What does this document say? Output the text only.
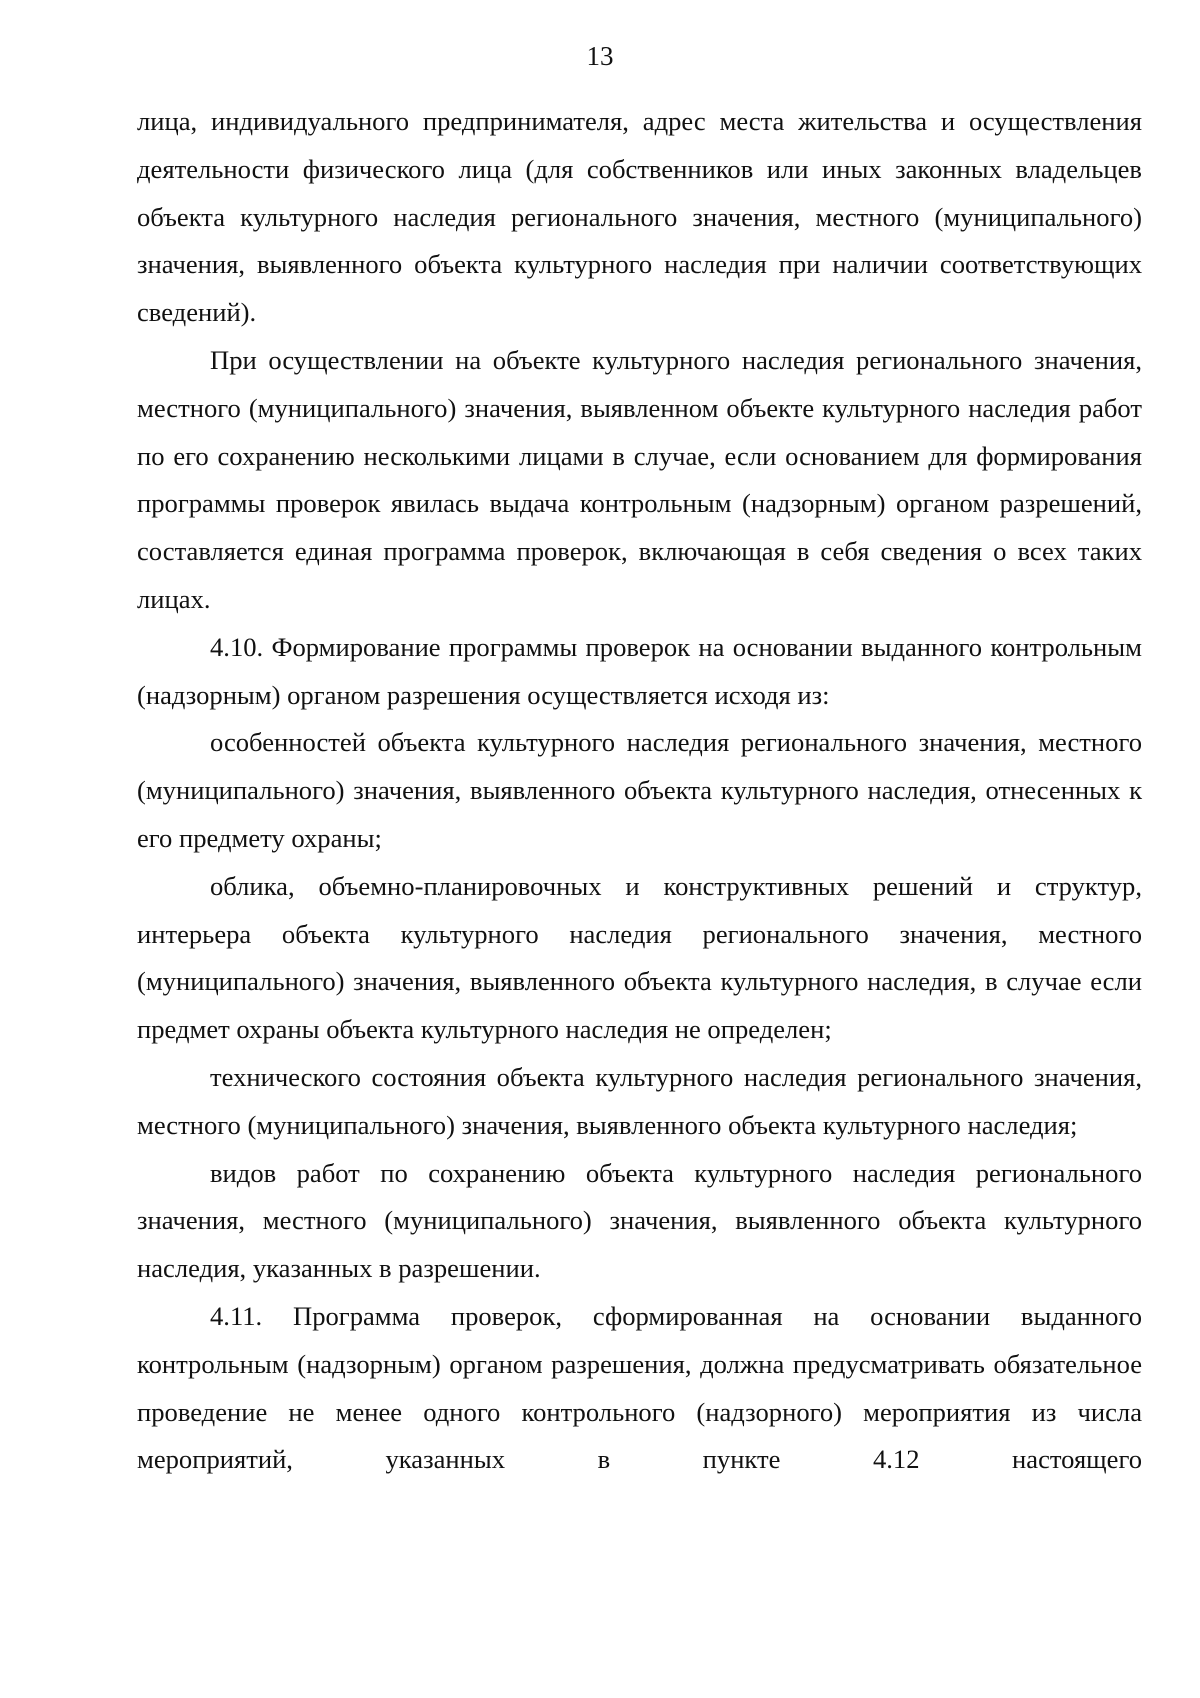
13

лица, индивидуального предпринимателя, адрес места жительства и осуществления деятельности физического лица (для собственников или иных законных владельцев объекта культурного наследия регионального значения, местного (муниципального) значения, выявленного объекта культурного наследия при наличии соответствующих сведений).

При осуществлении на объекте культурного наследия регионального значения, местного (муниципального) значения, выявленном объекте культурного наследия работ по его сохранению несколькими лицами в случае, если основанием для формирования программы проверок явилась выдача контрольным (надзорным) органом разрешений, составляется единая программа проверок, включающая в себя сведения о всех таких лицах.

4.10. Формирование программы проверок на основании выданного контрольным (надзорным) органом разрешения осуществляется исходя из:

особенностей объекта культурного наследия регионального значения, местного (муниципального) значения, выявленного объекта культурного наследия, отнесенных к его предмету охраны;

облика, объемно-планировочных и конструктивных решений и структур, интерьера объекта культурного наследия регионального значения, местного (муниципального) значения, выявленного объекта культурного наследия, в случае если предмет охраны объекта культурного наследия не определен;

технического состояния объекта культурного наследия регионального значения, местного (муниципального) значения, выявленного объекта культурного наследия;

видов работ по сохранению объекта культурного наследия регионального значения, местного (муниципального) значения, выявленного объекта культурного наследия, указанных в разрешении.

4.11. Программа проверок, сформированная на основании выданного контрольным (надзорным) органом разрешения, должна предусматривать обязательное проведение не менее одного контрольного (надзорного) мероприятия из числа мероприятий, указанных в пункте 4.12 настоящего
